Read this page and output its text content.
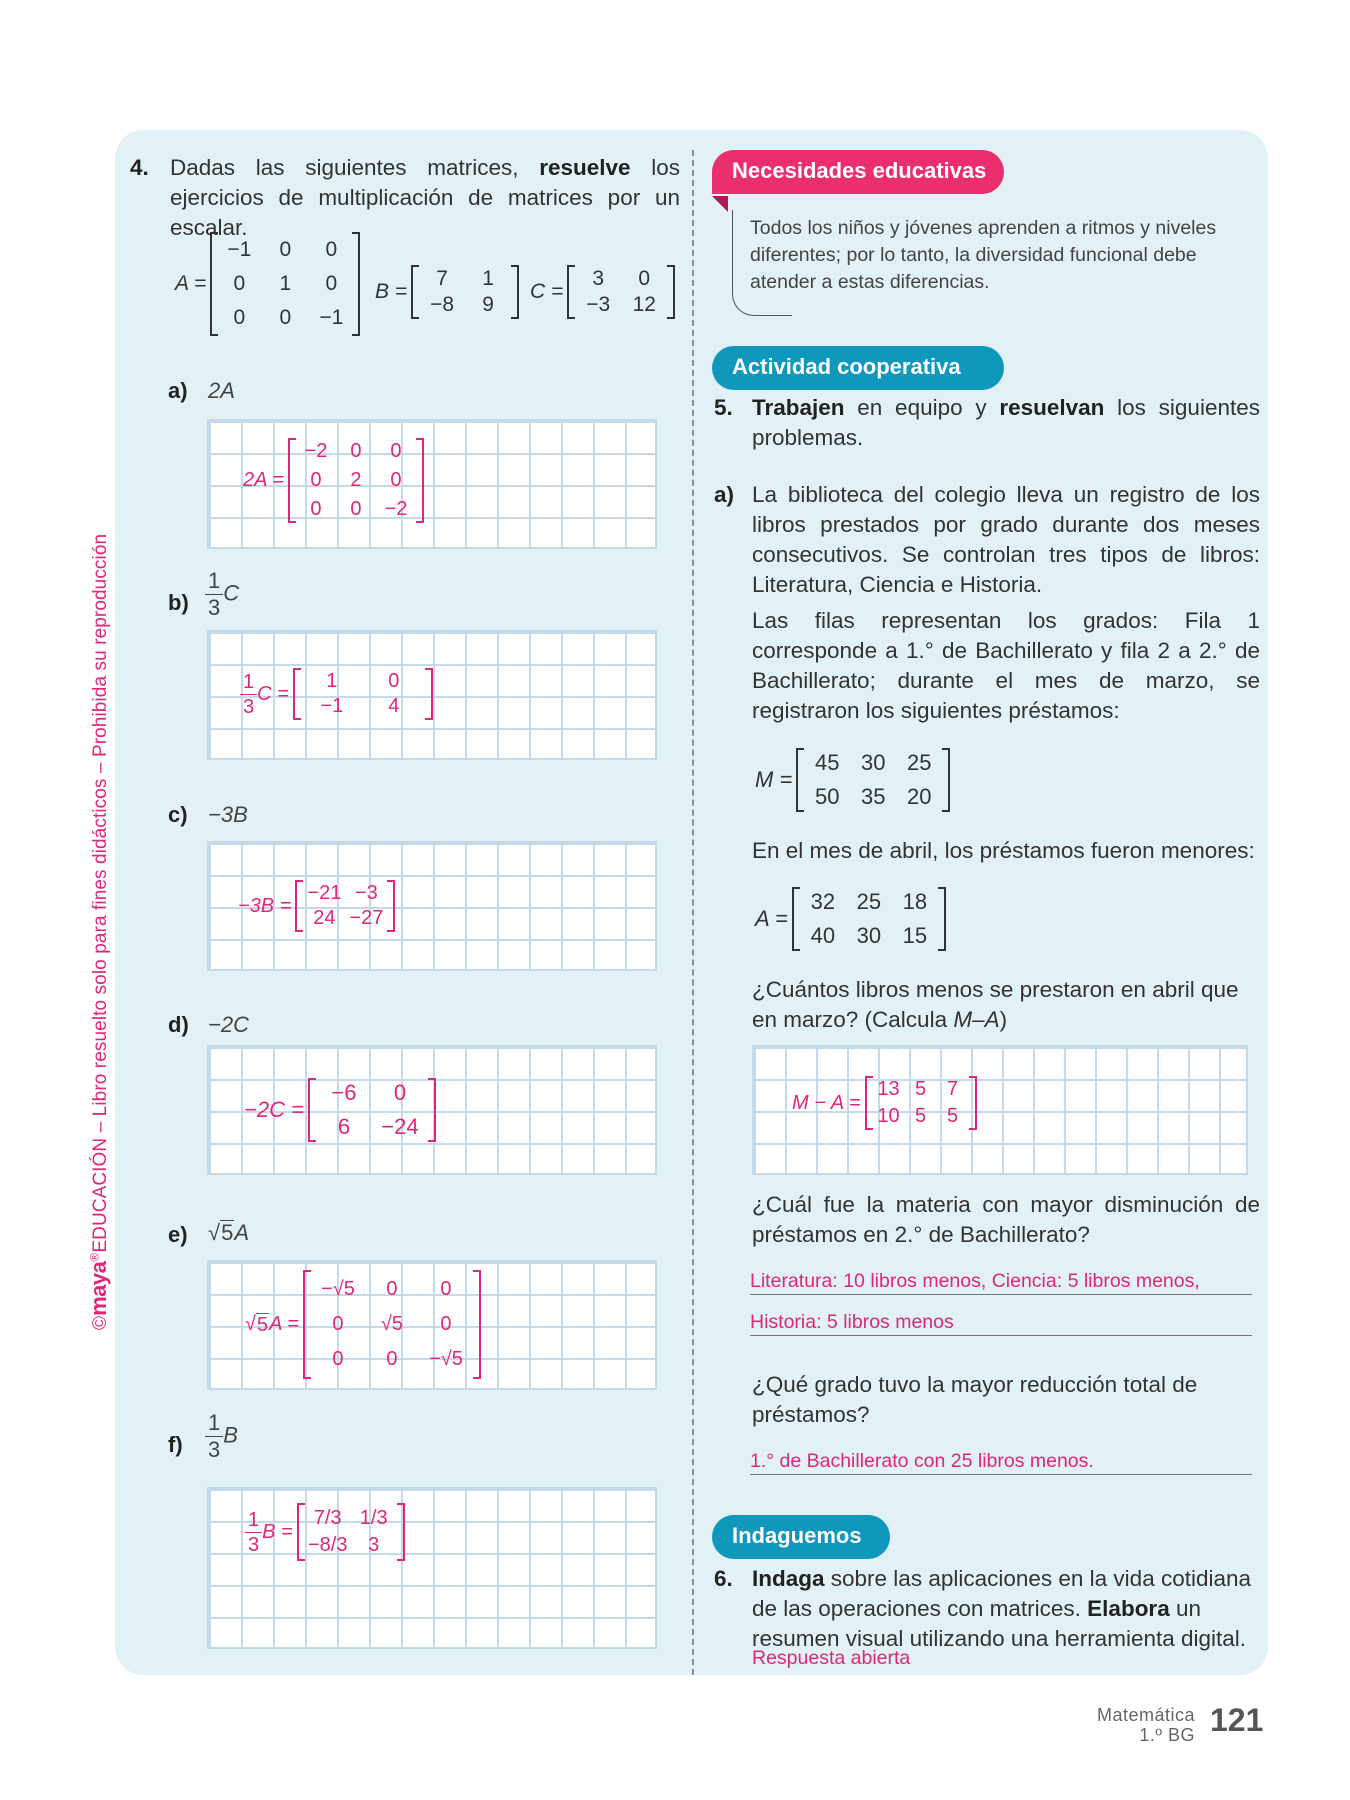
©maya®EDUCACIÓN – Libro resuelto solo para fines didácticos – Prohibida su reproducción
4. Dadas las siguientes matrices, resuelve los ejercicios de multiplicación de matrices por un escalar.
A =
−1	0	0
0	1	0
0	0	−1
B =
7	1
−8	9
C =
3	0
−3	12
a) 2A
2A =
−2	0	0
0	2	0
0	0	−2
$b) \frac{1}{3}$ C
$\frac{1}{3}$ C =
1	0
−1	4
c) −3B
−3B =
−21 −3
24 −27
d) −2C
−2C =
−6	0
6	−24
e) √ 5 A
√ 5 A =
−√5	0	0
0	√5	0
0	0	−√5
$f) \frac{1}{3}$ B
$\frac{1}{3}$ B =
7/3 1/3
−8/3	3
Necesidades educativas
Todos los niños y jóvenes aprenden a ritmos y niveles diferentes; por lo tanto, la diversidad funcional debe atender a estas diferencias.
Actividad cooperativa
5. Trabajen en equipo y resuelvan los siguientes problemas.
a) La biblioteca del colegio lleva un registro de los libros prestados por grado durante dos meses consecutivos. Se controlan tres tipos de libros: Literatura, Ciencia e Historia.
Las filas representan los grados: Fila 1 corresponde a 1.° de Bachillerato y fila 2 a 2.° de Bachillerato; durante el mes de marzo, se registraron los siguientes préstamos:
M =
45 30 25
50 35 20
En el mes de abril, los préstamos fueron menores:
A =
32 25 18
40 30 15
¿Cuántos libros menos se prestaron en abril que en marzo? (Calcula M–A)
M − A =
13 5	7
10 5	5
¿Cuál fue la materia con mayor disminución de préstamos en 2.° de Bachillerato?
Literatura: 10 libros menos, Ciencia: 5 libros menos,
Historia: 5 libros menos
¿Qué grado tuvo la mayor reducción total de préstamos?
1.° de Bachillerato con 25 libros menos.
Indaguemos
6. Indaga sobre las aplicaciones en la vida cotidiana de las operaciones con matrices. Elabora un resumen visual utilizando una herramienta digital.
Respuesta abierta
Matemática
1.º BG 121
